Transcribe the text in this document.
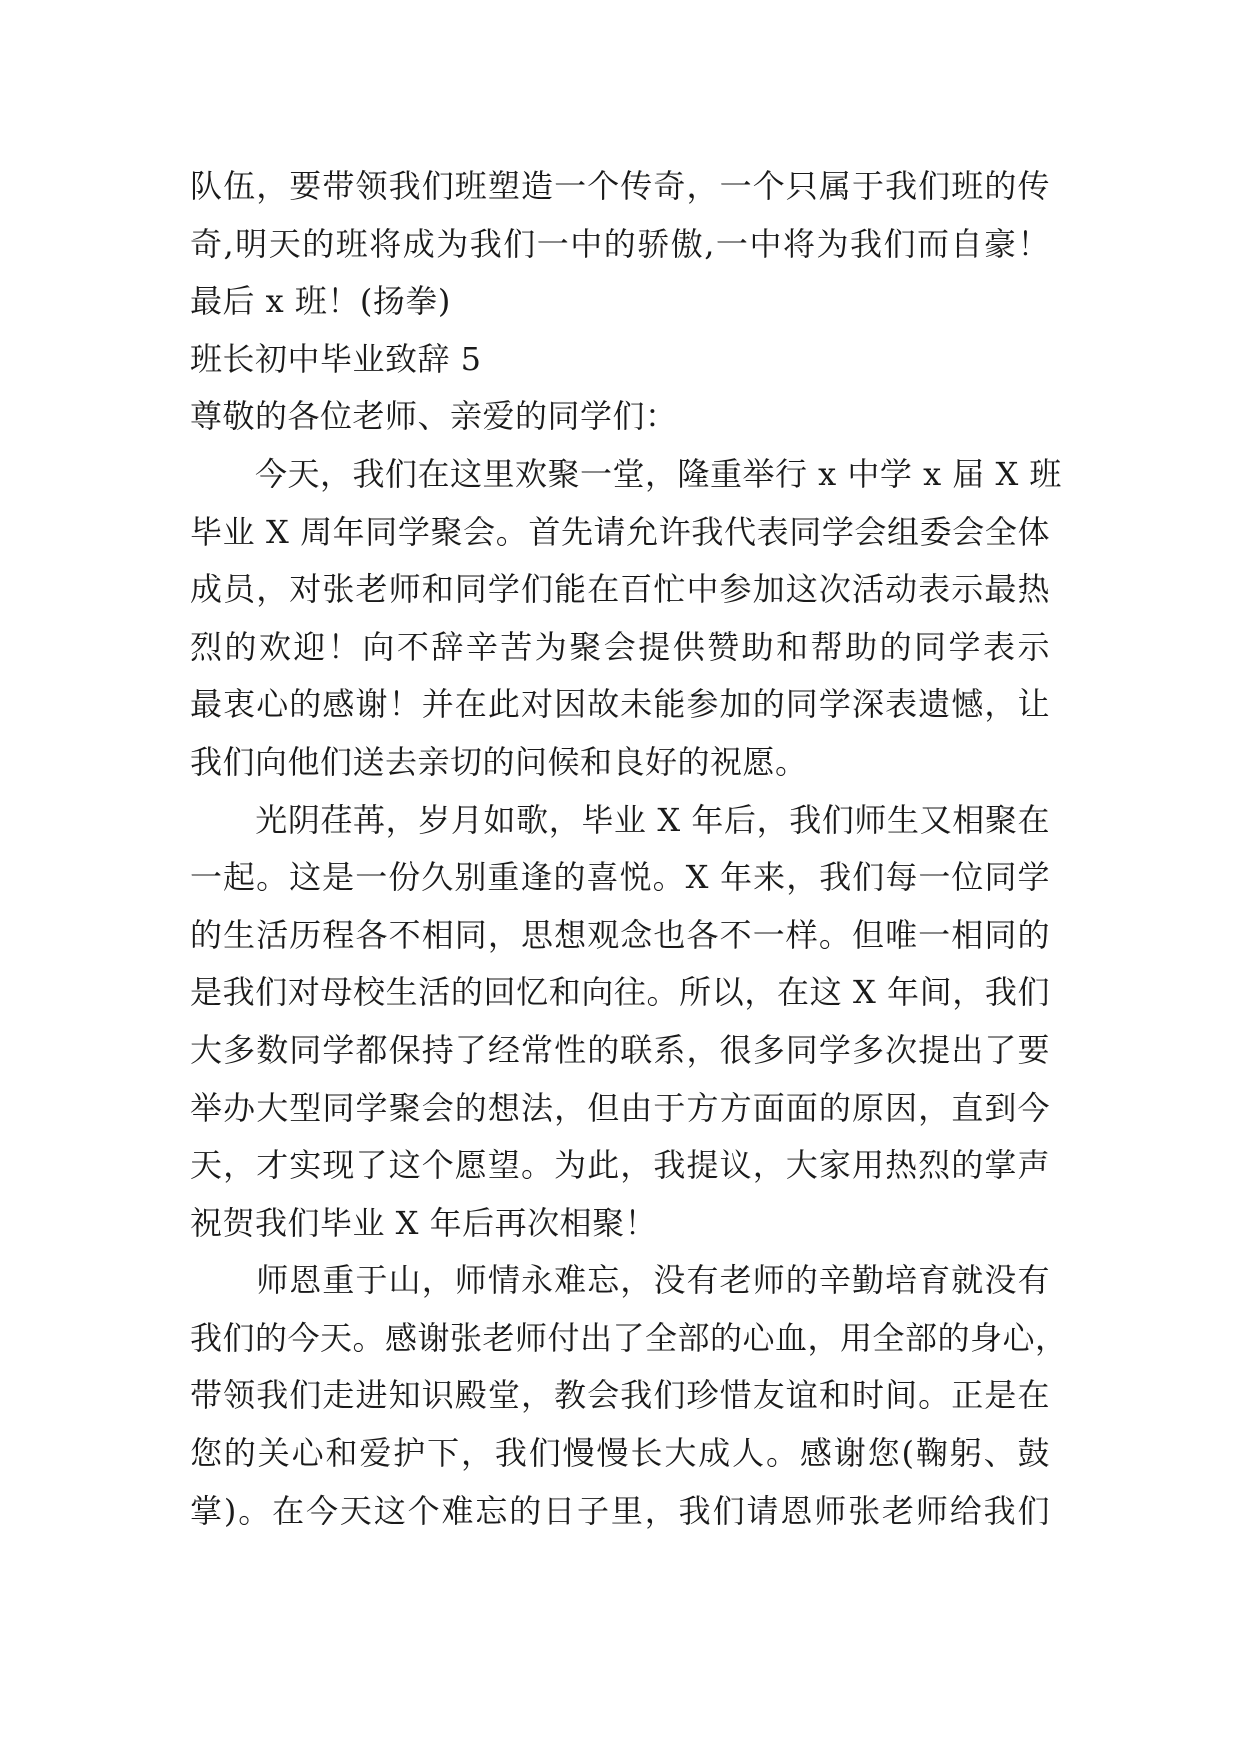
队伍，要带领我们班塑造一个传奇，一个只属于我们班的传
奇,明天的班将成为我们一中的骄傲,一中将为我们而自豪！
最后 x 班！(扬拳)
班长初中毕业致辞 5
尊敬的各位老师、亲爱的同学们：
　　今天，我们在这里欢聚一堂，隆重举行 x 中学 x 届 X 班
毕业 X 周年同学聚会。首先请允许我代表同学会组委会全体
成员，对张老师和同学们能在百忙中参加这次活动表示最热
烈的欢迎！向不辞辛苦为聚会提供赞助和帮助的同学表示
最衷心的感谢！并在此对因故未能参加的同学深表遗憾，让
我们向他们送去亲切的问候和良好的祝愿。
　　光阴荏苒，岁月如歌，毕业 X 年后，我们师生又相聚在
一起。这是一份久别重逢的喜悦。X 年来，我们每一位同学
的生活历程各不相同，思想观念也各不一样。但唯一相同的
是我们对母校生活的回忆和向往。所以，在这 X 年间，我们
大多数同学都保持了经常性的联系，很多同学多次提出了要
举办大型同学聚会的想法，但由于方方面面的原因，直到今
天，才实现了这个愿望。为此，我提议，大家用热烈的掌声
祝贺我们毕业 X 年后再次相聚！
　　师恩重于山，师情永难忘，没有老师的辛勤培育就没有
我们的今天。感谢张老师付出了全部的心血，用全部的身心，
带领我们走进知识殿堂，教会我们珍惜友谊和时间。正是在
您的关心和爱护下，我们慢慢长大成人。感谢您(鞠躬、鼓
掌)。在今天这个难忘的日子里，我们请恩师张老师给我们
